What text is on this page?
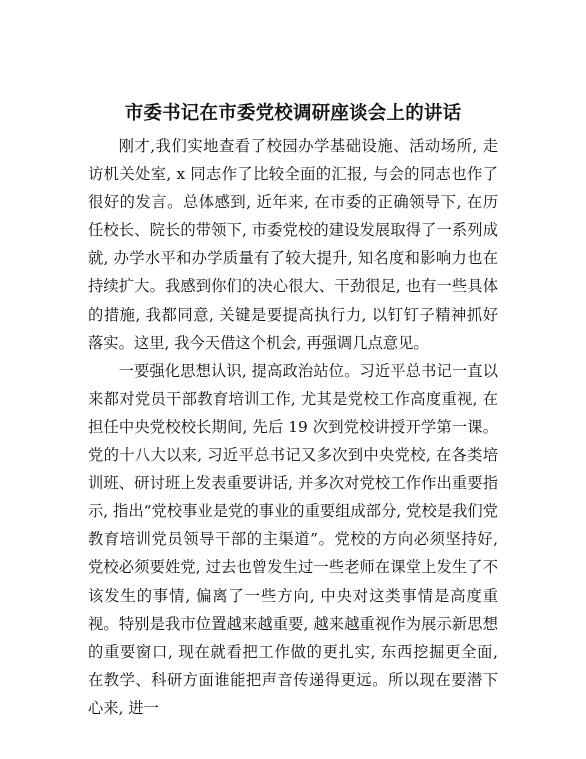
市委书记在市委党校调研座谈会上的讲话

刚才,我们实地查看了校园办学基础设施、活动场所, 走访机关处室, x 同志作了比较全面的汇报, 与会的同志也作了很好的发言。总体感到, 近年来, 在市委的正确领导下, 在历任校长、院长的带领下, 市委党校的建设发展取得了一系列成就, 办学水平和办学质量有了较大提升, 知名度和影响力也在持续扩大。我感到你们的决心很大、干劲很足, 也有一些具体的措施, 我都同意, 关键是要提高执行力, 以钉钉子精神抓好落实。这里, 我今天借这个机会, 再强调几点意见。

一要强化思想认识, 提高政治站位。习近平总书记一直以来都对党员干部教育培训工作, 尤其是党校工作高度重视, 在担任中央党校校长期间, 先后 19 次到党校讲授开学第一课。党的十八大以来, 习近平总书记又多次到中央党校, 在各类培训班、研讨班上发表重要讲话, 并多次对党校工作作出重要指示, 指出“党校事业是党的事业的重要组成部分, 党校是我们党教育培训党员领导干部的主渠道”。党校的方向必须坚持好, 党校必须要姓党, 过去也曾发生过一些老师在课堂上发生了不该发生的事情, 偏离了一些方向, 中央对这类事情是高度重视。特别是我市位置越来越重要, 越来越重视作为展示新思想的重要窗口, 现在就看把工作做的更扎实, 东西挖掘更全面, 在教学、科研方面谁能把声音传递得更远。所以现在要潜下心来, 进一
